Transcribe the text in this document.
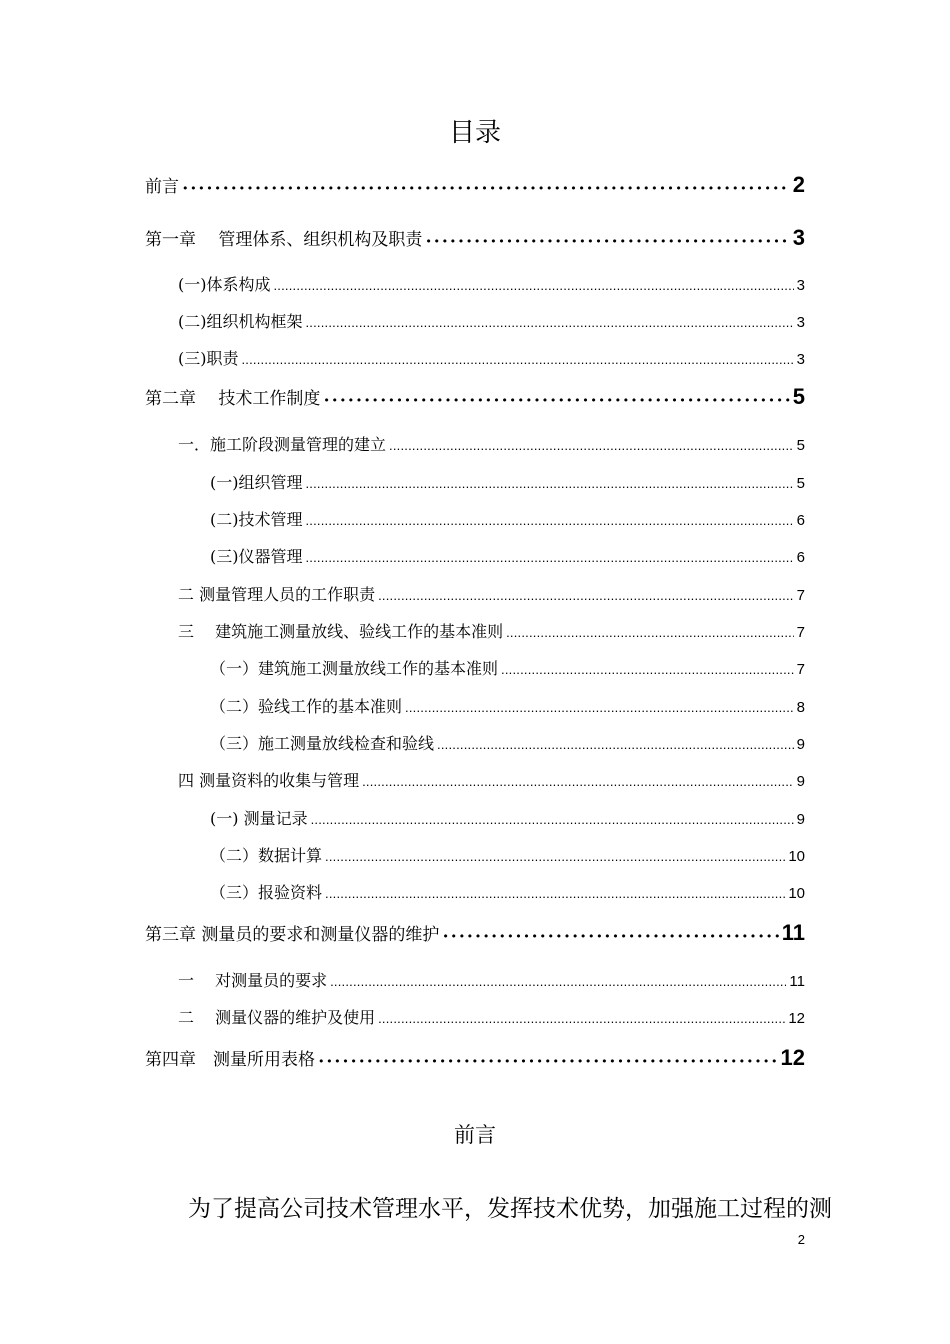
目录
前言 •••••	2
第一章　 管理体系、组织机构及职责 •••••	3
(一)体系构成 .....	3
(二)组织机构框架 .....	3
(三)职责 .....	3
第二章　 技术工作制度 •••••	5
一．施工阶段测量管理的建立 .....	5
(一)组织管理 .....	5
(二)技术管理 .....	6
(三)仪器管理 .....	6
二 测量管理人员的工作职责 .....	7
三　 建筑施工测量放线、验线工作的基本准则 .....	7
（一）建筑施工测量放线工作的基本准则 .....	7
（二）验线工作的基本准则 .....	8
（三）施工测量放线检查和验线 .....	9
四 测量资料的收集与管理 .....	9
(一) 测量记录 .....	9
（二）数据计算 .....	10
（三）报验资料 .....	10
第三章 测量员的要求和测量仪器的维护 •••••	11
一　 对测量员的要求 .....	11
二　 测量仪器的维护及使用 .....	12
第四章　测量所用表格 •••••	12
前言
为了提高公司技术管理水平，发挥技术优势，加强施工过程的测
2
